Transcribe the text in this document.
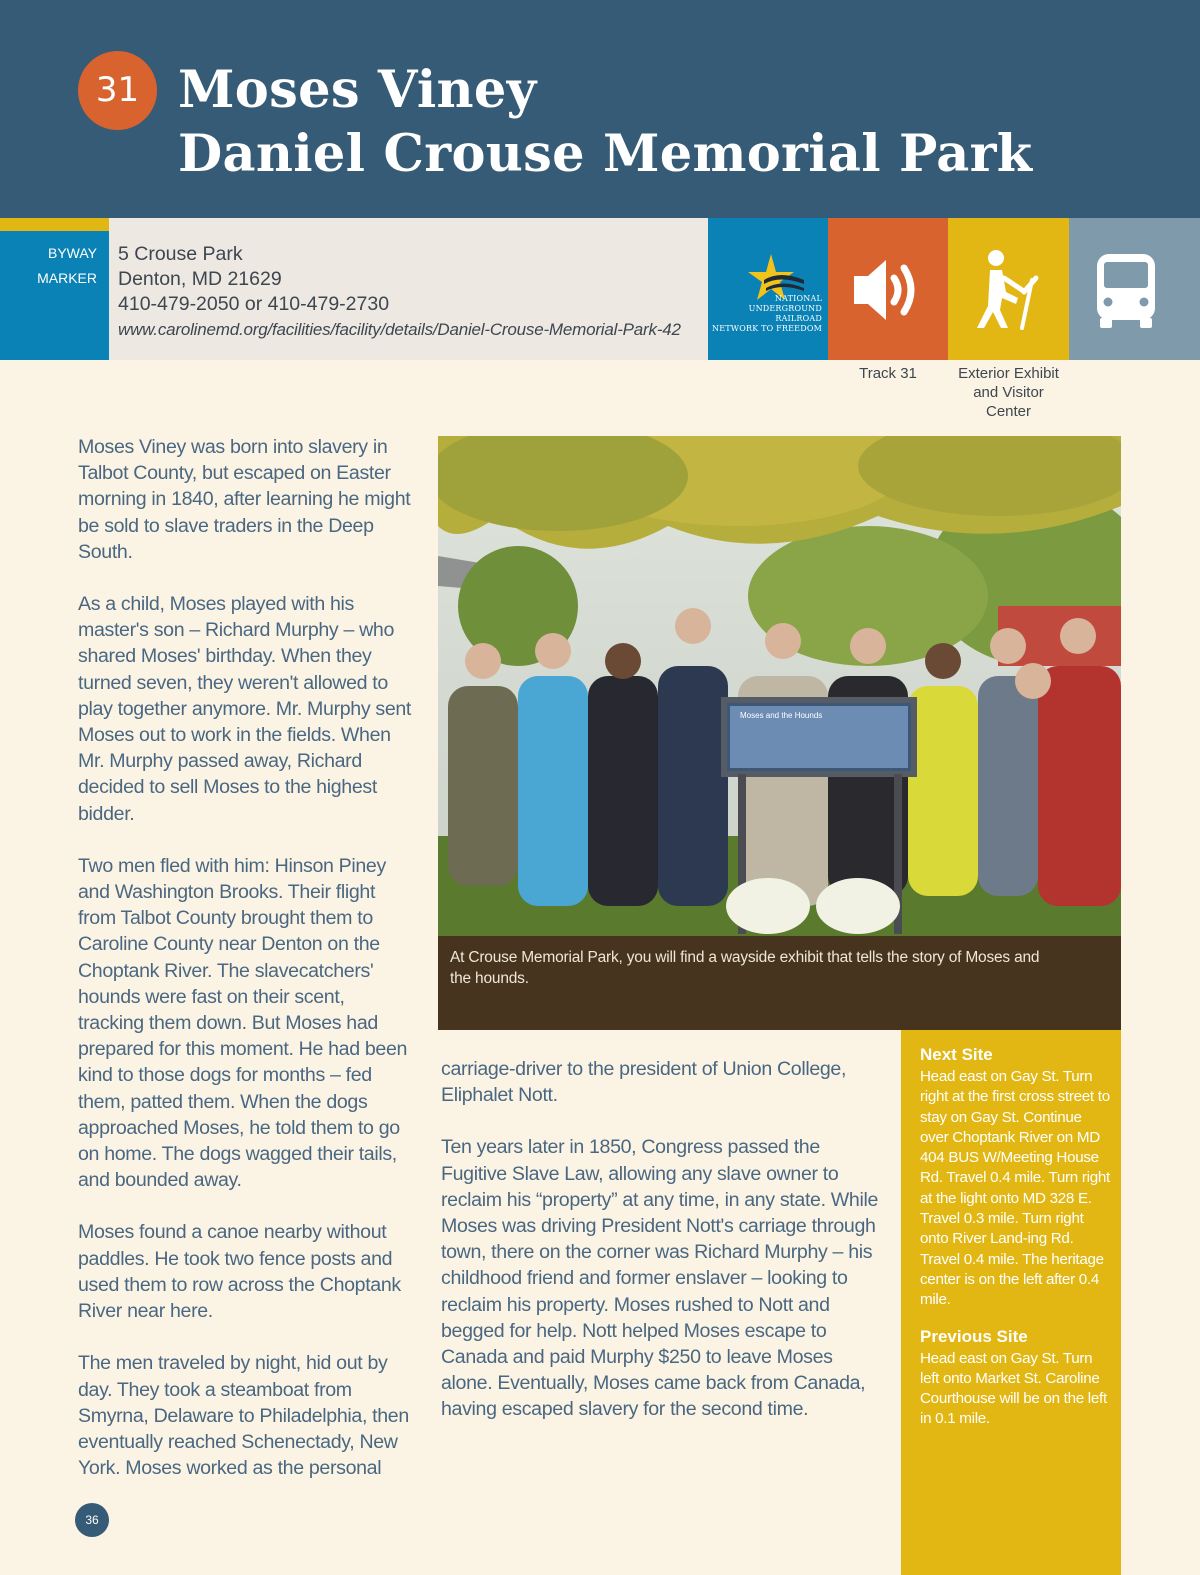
31 Moses Viney
Daniel Crouse Memorial Park
BYWAY
MARKER
5 Crouse Park
Denton, MD 21629
410-479-2050 or 410-479-2730
www.carolinemd.org/facilities/facility/details/Daniel-Crouse-Memorial-Park-42
NATIONAL
UNDERGROUND RAILROAD
NETWORK TO FREEDOM
Track 31	Exterior Exhibit
and Visitor
Center

Moses Viney was born into slavery in Talbot County, but escaped on Easter morning in 1840, after learning he might be sold to slave traders in the Deep South.

As a child, Moses played with his master's son – Richard Murphy – who shared Moses' birthday. When they turned seven, they weren't allowed to play together anymore. Mr. Murphy sent Moses out to work in the fields. When Mr. Murphy passed away, Richard decided to sell Moses to the highest bidder.

Two men fled with him: Hinson Piney and Washington Brooks. Their flight from Talbot County brought them to Caroline County near Denton on the Choptank River. The slavecatchers' hounds were fast on their scent, tracking them down. But Moses had prepared for this moment. He had been kind to those dogs for months – fed them, patted them. When the dogs approached Moses, he told them to go on home. The dogs wagged their tails, and bounded away.

Moses found a canoe nearby without paddles. He took two fence posts and used them to row across the Choptank River near here.

The men traveled by night, hid out by day. They took a steamboat from Smyrna, Delaware to Philadelphia, then eventually reached Schenectady, New York. Moses worked as the personal

Moses and the Hounds
At Crouse Memorial Park, you will find a wayside exhibit that tells the story of Moses and the hounds.

carriage-driver to the president of Union College, Eliphalet Nott.

Ten years later in 1850, Congress passed the Fugitive Slave Law, allowing any slave owner to reclaim his “property” at any time, in any state. While Moses was driving President Nott's carriage through town, there on the corner was Richard Murphy – his childhood friend and former enslaver – looking to reclaim his property. Moses rushed to Nott and begged for help. Nott helped Moses escape to Canada and paid Murphy $250 to leave Moses alone. Eventually, Moses came back from Canada, having escaped slavery for the second time.

Next Site

Head east on Gay St. Turn right at the first cross street to stay on Gay St. Continue over Choptank River on MD 404 BUS W/Meeting House Rd. Travel 0.4 mile. Turn right at the light onto MD 328 E. Travel 0.3 mile. Turn right onto River Land-ing Rd. Travel 0.4 mile. The heritage center is on the left after 0.4 mile.

Previous Site

Head east on Gay St. Turn left onto Market St. Caroline Courthouse will be on the left in 0.1 mile.

36
